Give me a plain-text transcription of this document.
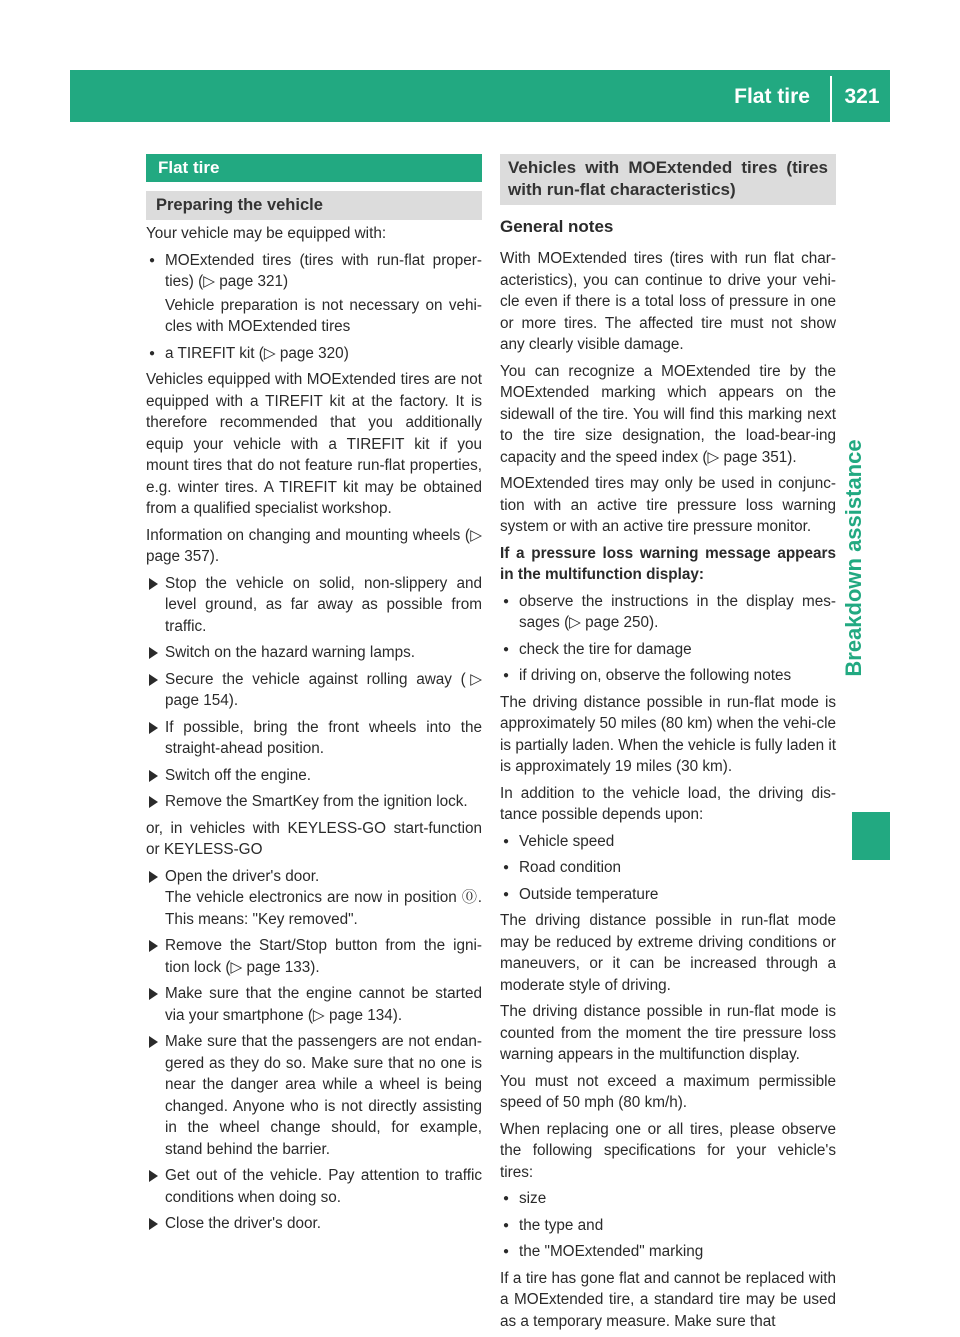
Flat tire	321
Breakdown assistance
Flat tire
Preparing the vehicle

Your vehicle may be equipped with:

● MOExtended tires (tires with run-flat proper-ties) (▷ page 321)
Vehicle preparation is not necessary on vehi-cles with MOExtended tires
● a TIREFIT kit (▷ page 320)

Vehicles equipped with MOExtended tires are not equipped with a TIREFIT kit at the factory. It is therefore recommended that you additionally equip your vehicle with a TIREFIT kit if you mount tires that do not feature run-flat properties, e.g. winter tires. A TIREFIT kit may be obtained from a qualified specialist workshop.

Information on changing and mounting wheels (▷ page 357).

Stop the vehicle on solid, non-slippery and level ground, as far away as possible from traffic.
Switch on the hazard warning lamps.
Secure the vehicle against rolling away (▷ page 154).
If possible, bring the front wheels into the straight-ahead position.
Switch off the engine.
Remove the SmartKey from the ignition lock.

or, in vehicles with KEYLESS-GO start-function or KEYLESS-GO

Open the driver's door.
The vehicle electronics are now in position ⓪. This means: "Key removed".
Remove the Start/Stop button from the igni-tion lock (▷ page 133).
Make sure that the engine cannot be started via your smartphone (▷ page 134).
Make sure that the passengers are not endan-gered as they do so. Make sure that no one is near the danger area while a wheel is being changed. Anyone who is not directly assisting in the wheel change should, for example, stand behind the barrier.
Get out of the vehicle. Pay attention to traffic conditions when doing so.
Close the driver's door.
Vehicles with MOExtended tires (tires with run-flat characteristics)
General notes

With MOExtended tires (tires with run flat char-acteristics), you can continue to drive your vehi-cle even if there is a total loss of pressure in one or more tires. The affected tire must not show any clearly visible damage.

You can recognize a MOExtended tire by the MOExtended marking which appears on the sidewall of the tire. You will find this marking next to the tire size designation, the load-bear-ing capacity and the speed index (▷ page 351).

MOExtended tires may only be used in conjunc-tion with an active tire pressure loss warning system or with an active tire pressure monitor.

If a pressure loss warning message appears in the multifunction display:

● observe the instructions in the display mes-sages (▷ page 250).
● check the tire for damage
● if driving on, observe the following notes

The driving distance possible in run-flat mode is approximately 50 miles (80 km) when the vehi-cle is partially laden. When the vehicle is fully laden it is approximately 19 miles (30 km).

In addition to the vehicle load, the driving dis-tance possible depends upon:

● Vehicle speed
● Road condition
● Outside temperature

The driving distance possible in run-flat mode may be reduced by extreme driving conditions or maneuvers, or it can be increased through a moderate style of driving.

The driving distance possible in run-flat mode is counted from the moment the tire pressure loss warning appears in the multifunction display.

You must not exceed a maximum permissible speed of 50 mph (80 km/h).

When replacing one or all tires, please observe the following specifications for your vehicle's tires:

● size
● the type and
● the "MOExtended" marking

If a tire has gone flat and cannot be replaced with a MOExtended tire, a standard tire may be used as a temporary measure. Make sure that
